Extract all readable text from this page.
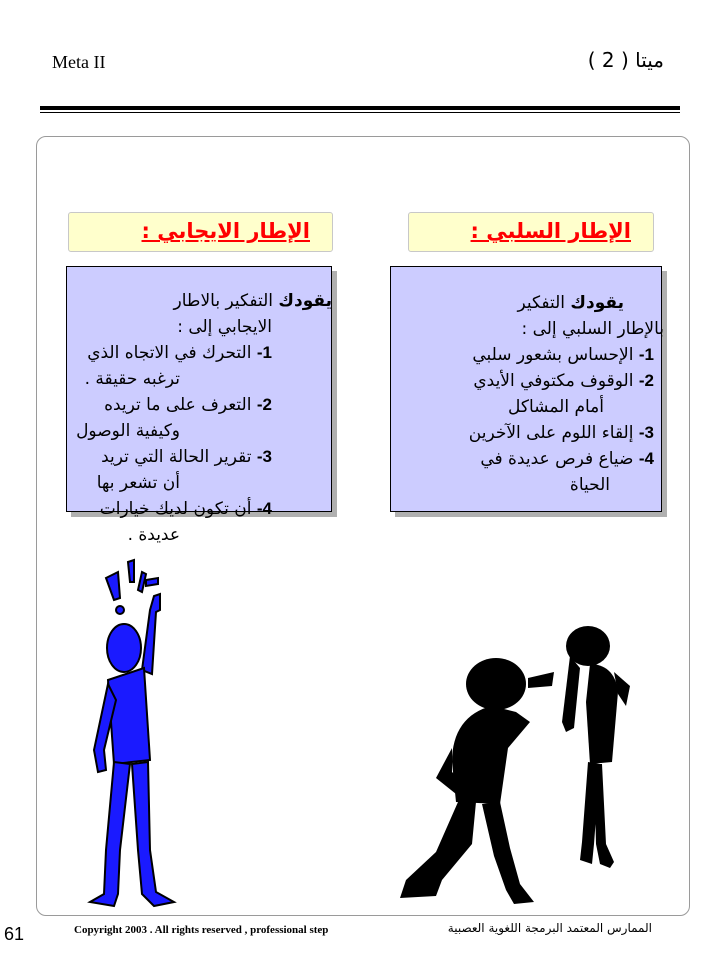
Meta II	ميتا ( 2 )
الإطار الايجابي :	الإطار السلبي :
يقودك التفكير بالاطار
الايجابي إلى :
1- التحرك في الاتجاه الذي
ترغبه حقيقة .
2- التعرف على ما تريده
وكيفية الوصول
3- تقرير الحالة التي تريد
أن تشعر بها
4- أن تكون لديك خيارات
عديدة .
يقودك التفكير
بالإطار السلبي إلى :
1- الإحساس بشعور سلبي
2- الوقوف مكتوفي الأيدي
أمام المشاكل
3- إلقاء اللوم على الآخرين
4- ضياع فرص عديدة في
الحياة
Copyright 2003 . All rights reserved , professional step	الممارس المعتمد البرمجة اللغوية العصبية
61
